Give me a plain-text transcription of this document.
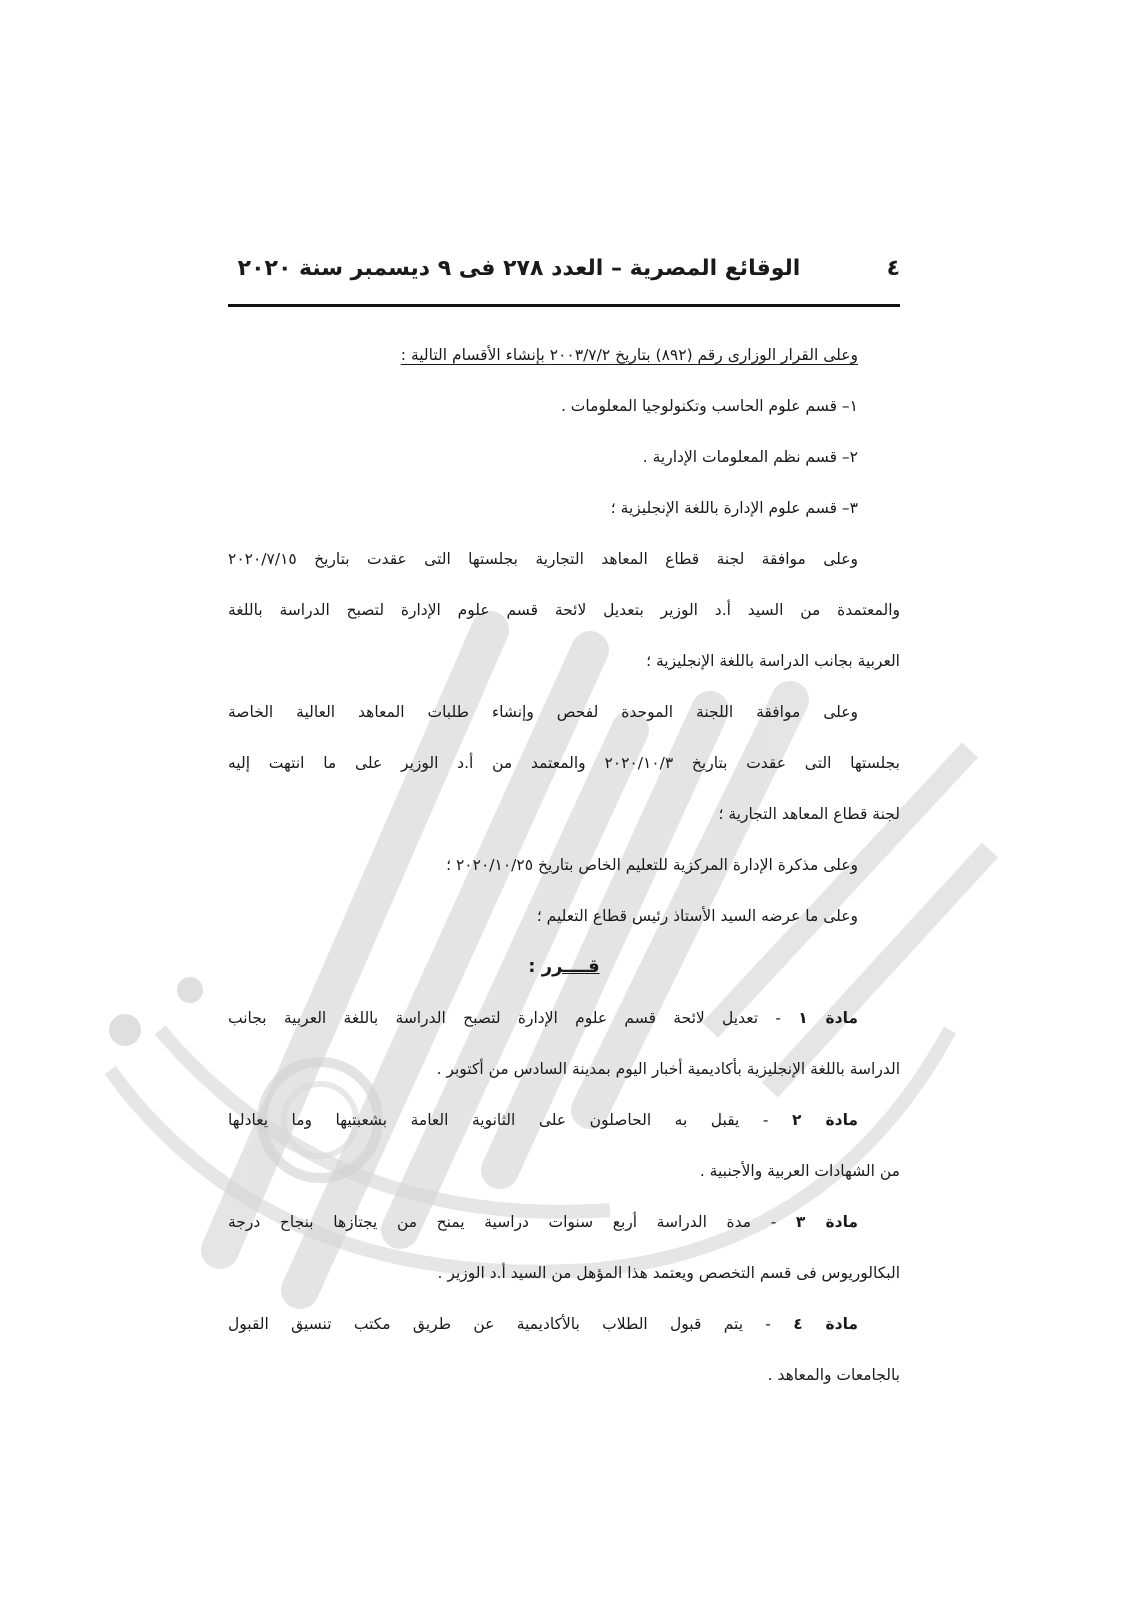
٤
الوقائع المصرية – العدد ٢٧٨ فى ٩ ديسمبر سنة ٢٠٢٠
وعلى القرار الوزارى رقم (٨٩٢) بتاريخ ٢٠٠٣/٧/٢ بإنشاء الأقسام التالية :
١– قسم علوم الحاسب وتكنولوجيا المعلومات .
٢– قسم نظم المعلومات الإدارية .
٣– قسم علوم الإدارة باللغة الإنجليزية ؛
وعلى موافقة لجنة قطاع المعاهد التجارية بجلستها التى عقدت بتاريخ ٢٠٢٠/٧/١٥
والمعتمدة من السيد أ.د الوزير بتعديل لائحة قسم علوم الإدارة لتصبح الدراسة باللغة
العربية بجانب الدراسة باللغة الإنجليزية ؛
وعلى موافقة اللجنة الموحدة لفحص وإنشاء طلبات المعاهد العالية الخاصة
بجلستها التى عقدت بتاريخ ٢٠٢٠/١٠/٣ والمعتمد من أ.د الوزير على ما انتهت إليه
لجنة قطاع المعاهد التجارية ؛
وعلى مذكرة الإدارة المركزية للتعليم الخاص بتاريخ ٢٠٢٠/١٠/٢٥ ؛
وعلى ما عرضه السيد الأستاذ رئيس قطاع التعليم ؛
قــــرر :
مادة ١ - تعديل لائحة قسم علوم الإدارة لتصبح الدراسة باللغة العربية بجانب
الدراسة باللغة الإنجليزية بأكاديمية أخبار اليوم بمدينة السادس من أكتوبر .
مادة ٢ - يقبل به الحاصلون على الثانوية العامة بشعبتيها وما يعادلها
من الشهادات العربية والأجنبية .
مادة ٣ - مدة الدراسة أربع سنوات دراسية يمنح من يجتازها بنجاح درجة
البكالوريوس فى قسم التخصص ويعتمد هذا المؤهل من السيد أ.د الوزير .
مادة ٤ - يتم قبول الطلاب بالأكاديمية عن طريق مكتب تنسيق القبول
بالجامعات والمعاهد .
